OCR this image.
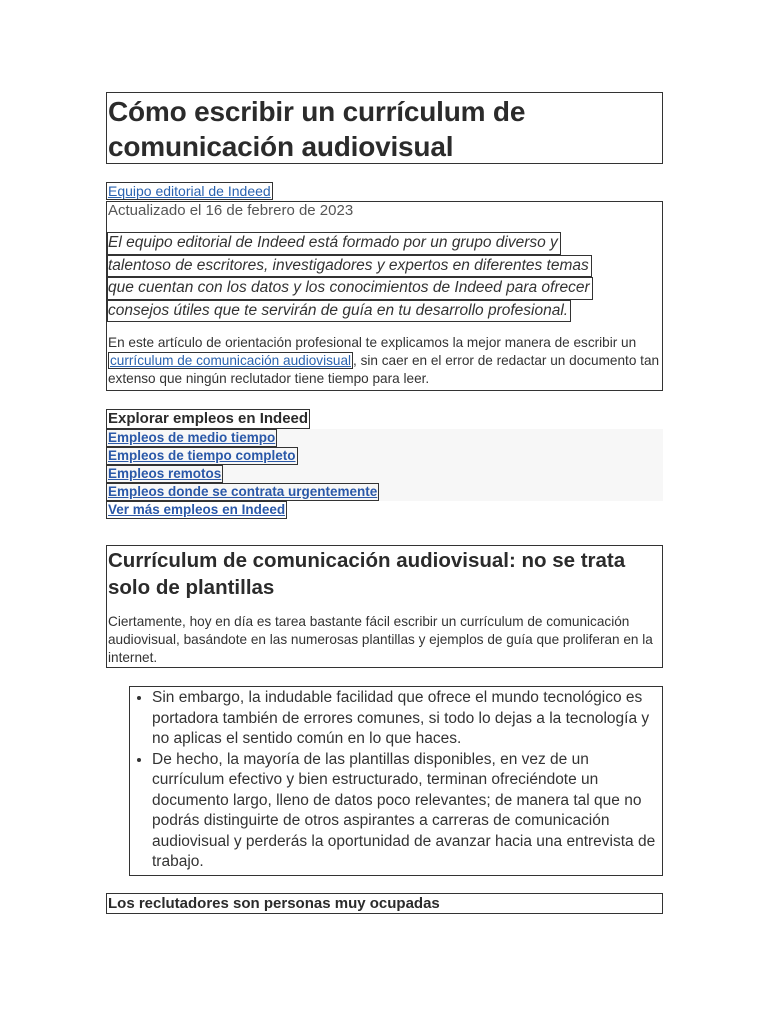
Cómo escribir un currículum de comunicación audiovisual
Equipo editorial de Indeed

Actualizado el 16 de febrero de 2023

El equipo editorial de Indeed está formado por un grupo diverso y
talentoso de escritores, investigadores y expertos en diferentes temas
que cuentan con los datos y los conocimientos de Indeed para ofrecer
consejos útiles que te servirán de guía en tu desarrollo profesional.
En este artículo de orientación profesional te explicamos la mejor manera de escribir un currículum de comunicación audiovisual , sin caer en el error de redactar un documento tan extenso que ningún reclutador tiene tiempo para leer.
Explorar empleos en Indeed
Empleos de medio tiempo
Empleos de tiempo completo
Empleos remotos
Empleos donde se contrata urgentemente
Ver más empleos en Indeed
Currículum de comunicación audiovisual: no se trata solo de plantillas

Ciertamente, hoy en día es tarea bastante fácil escribir un currículum de comunicación audiovisual, basándote en las numerosas plantillas y ejemplos de guía que proliferan en la internet.

• Sin embargo, la indudable facilidad que ofrece el mundo tecnológico es portadora también de errores comunes, si todo lo dejas a la tecnología y no aplicas el sentido común en lo que haces.
• De hecho, la mayoría de las plantillas disponibles, en vez de un currículum efectivo y bien estructurado, terminan ofreciéndote un documento largo, lleno de datos poco relevantes; de manera tal que no podrás distinguirte de otros aspirantes a carreras de comunicación audiovisual y perderás la oportunidad de avanzar hacia una entrevista de trabajo.
Los reclutadores son personas muy ocupadas
